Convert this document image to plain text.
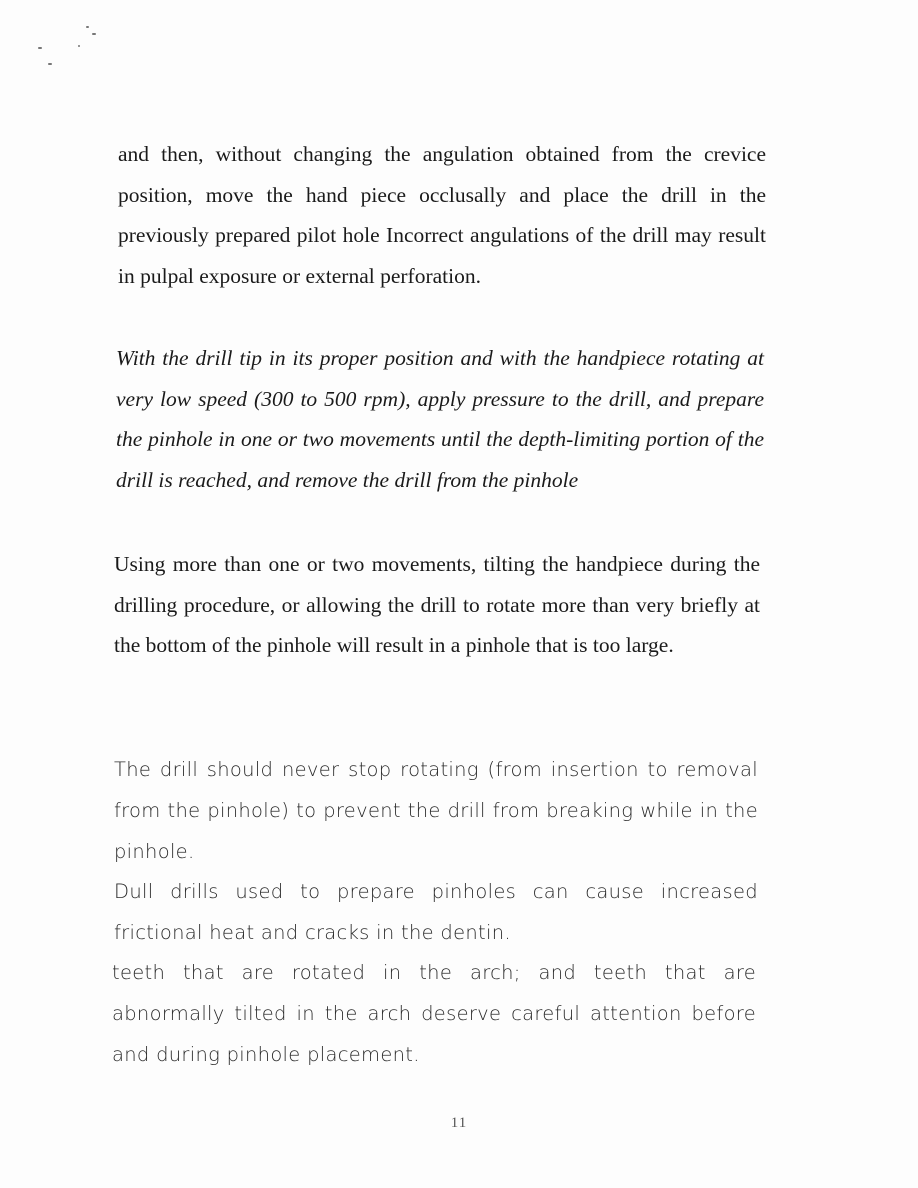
and then, without changing the angulation obtained from the crevice position, move the hand piece occlusally and place the drill in the previously prepared pilot hole Incorrect angulations of the drill may result in pulpal exposure or external perforation.

With the drill tip in its proper position and with the handpiece rotating at very low speed (300 to 500 rpm), apply pressure to the drill, and prepare the pinhole in one or two movements until the depth-limiting portion of the drill is reached, and remove the drill from the pinhole

Using more than one or two movements, tilting the handpiece during the drilling procedure, or allowing the drill to rotate more than very briefly at the bottom of the pinhole will result in a pinhole that is too large.

The drill should never stop rotating (from insertion to removal from the pinhole) to prevent the drill from breaking while in the pinhole.

Dull drills used to prepare pinholes can cause increased frictional heat and cracks in the dentin.

teeth that are rotated in the arch; and teeth that are abnormally tilted in the arch deserve careful attention before and during pinhole placement.

11
